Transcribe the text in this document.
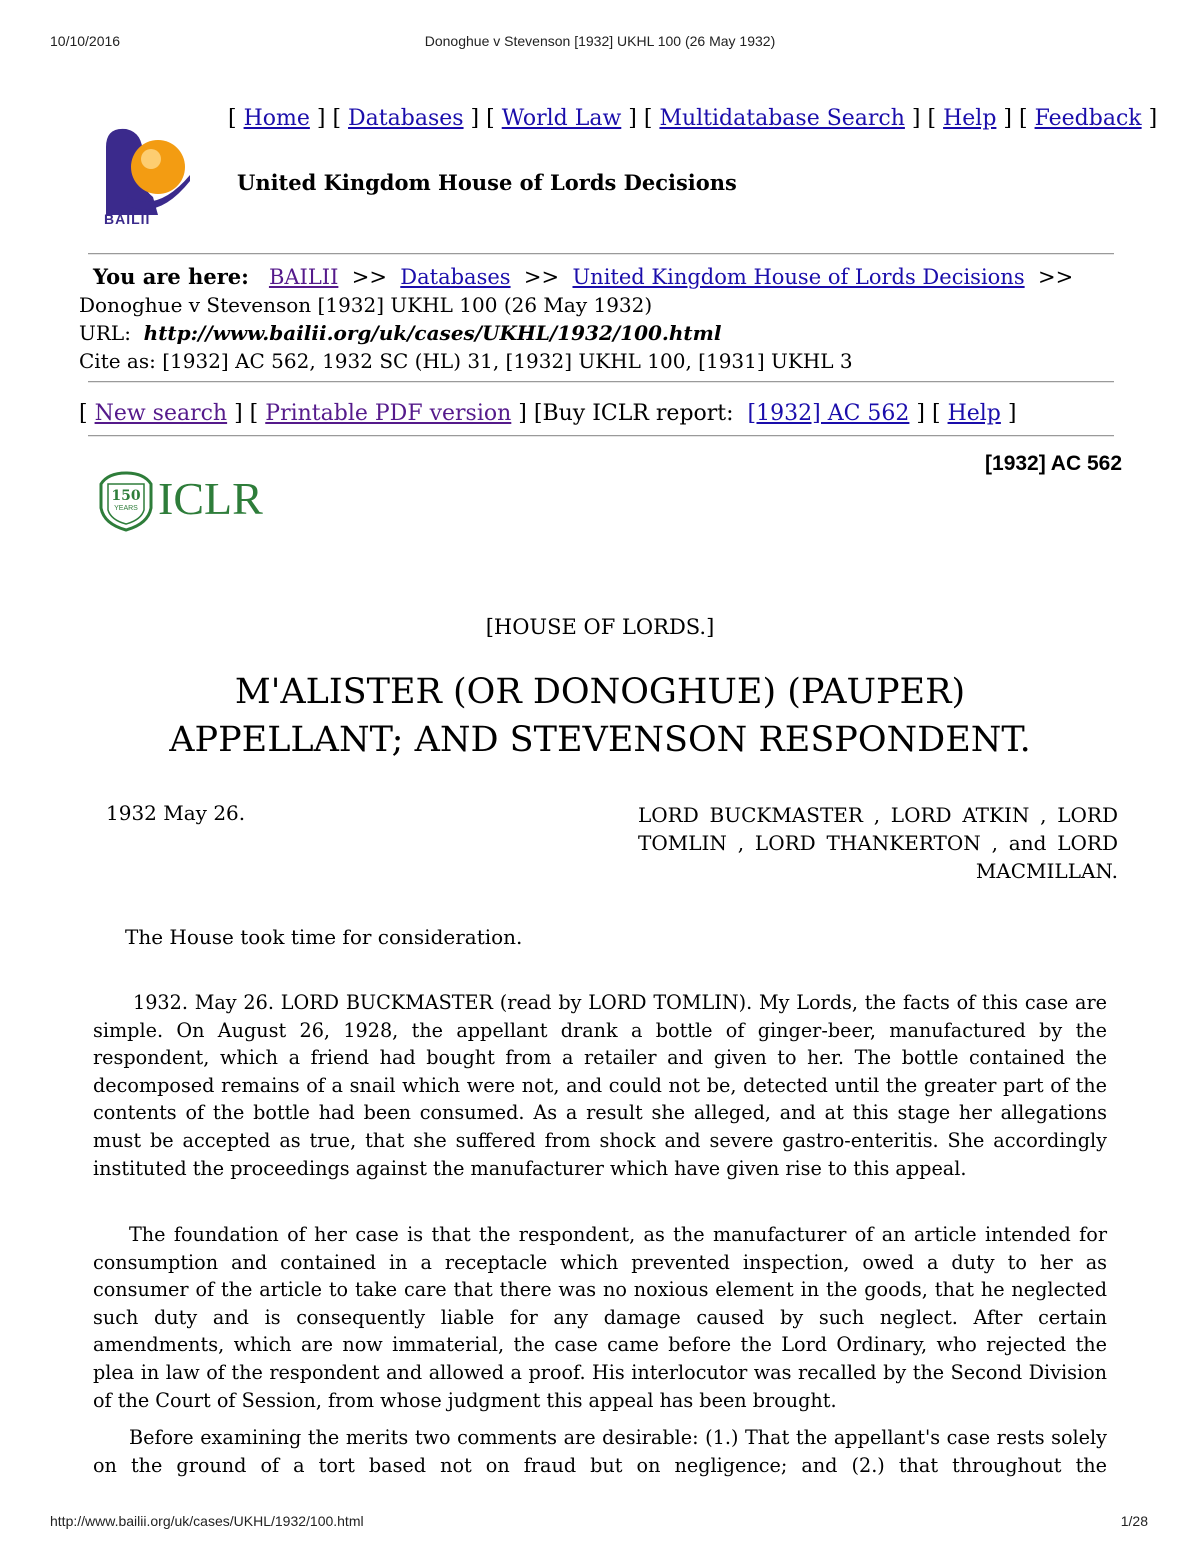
10/10/2016	Donoghue v Stevenson [1932] UKHL 100 (26 May 1932)
BAILII
[ Home ] [ Databases ] [ World Law ] [ Multidatabase Search ] [ Help ] [ Feedback ]
United Kingdom House of Lords Decisions
You are here: BAILII >> Databases >> United Kingdom House of Lords Decisions >>
Donoghue v Stevenson [1932] UKHL 100 (26 May 1932)
URL: http://www.bailii.org/uk/cases/UKHL/1932/100.html
Cite as: [1932] AC 562, 1932 SC (HL) 31, [1932] UKHL 100, [1931] UKHL 3
[ New search ] [ Printable PDF version ] [Buy ICLR report: [1932] AC 562 ] [ Help ]
150
YEARS ICLR
[1932] AC 562
[HOUSE OF LORDS.]
M'ALISTER (OR DONOGHUE) (PAUPER)
APPELLANT; AND STEVENSON RESPONDENT.
1932 May 26.	LORD BUCKMASTER , LORD ATKIN , LORD
TOMLIN , LORD THANKERTON , and LORD
MACMILLAN.
The House took time for consideration.
1932. May 26. LORD BUCKMASTER (read by LORD TOMLIN). My Lords, the facts of this case are simple. On August 26, 1928, the appellant drank a bottle of ginger-beer, manufactured by the respondent, which a friend had bought from a retailer and given to her. The bottle contained the decomposed remains of a snail which were not, and could not be, detected until the greater part of the contents of the bottle had been consumed. As a result she alleged, and at this stage her allegations must be accepted as true, that she suffered from shock and severe gastro-enteritis. She accordingly instituted the proceedings against the manufacturer which have given rise to this appeal.
The foundation of her case is that the respondent, as the manufacturer of an article intended for consumption and contained in a receptacle which prevented inspection, owed a duty to her as consumer of the article to take care that there was no noxious element in the goods, that he neglected such duty and is consequently liable for any damage caused by such neglect. After certain amendments, which are now immaterial, the case came before the Lord Ordinary, who rejected the plea in law of the respondent and allowed a proof. His interlocutor was recalled by the Second Division of the Court of Session, from whose judgment this appeal has been brought.
Before examining the merits two comments are desirable: (1.) That the appellant's case rests solely on the ground of a tort based not on fraud but on negligence; and (2.) that throughout the
http://www.bailii.org/uk/cases/UKHL/1932/100.html	1/28
